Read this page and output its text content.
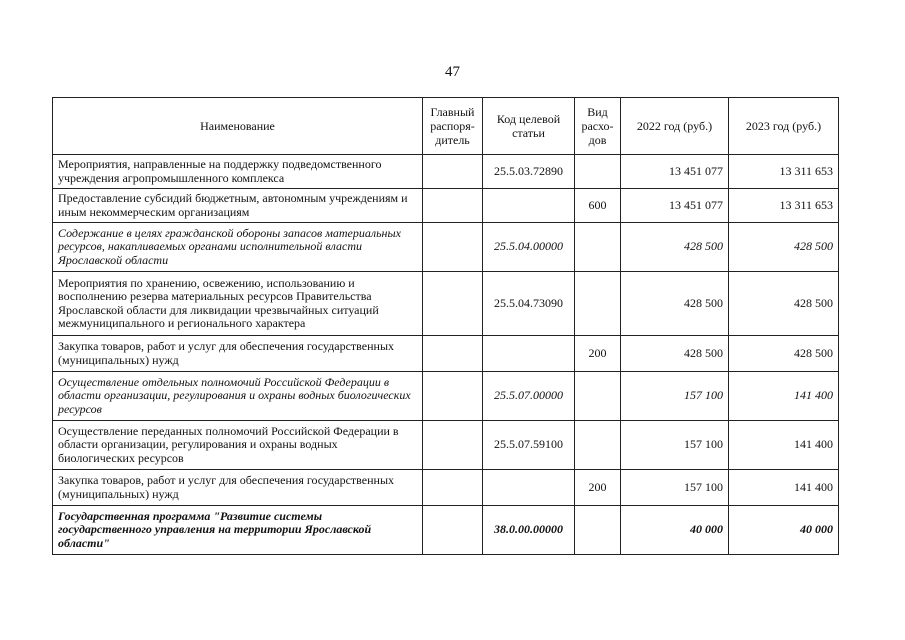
47
Наименование	Главный распоря-дитель	Код целевой статьи	Вид расхо-дов	2022 год (руб.)	2023 год (руб.)
Мероприятия, направленные на поддержку подведомственного учреждения агропромышленного комплекса		25.5.03.72890		13 451 077	13 311 653
Предоставление субсидий бюджетным, автономным учреждениям и иным некоммерческим организациям			600	13 451 077	13 311 653
Содержание в целях гражданской обороны запасов материальных ресурсов, накапливаемых органами исполнительной власти Ярославской области		25.5.04.00000		428 500	428 500
Мероприятия по хранению, освежению, использованию и восполнению резерва материальных ресурсов Правительства Ярославской области для ликвидации чрезвычайных ситуаций межмуниципального и регионального характера		25.5.04.73090		428 500	428 500
Закупка товаров, работ и услуг для обеспечения государственных (муниципальных) нужд			200	428 500	428 500
Осуществление отдельных полномочий Российской Федерации в области организации, регулирования и охраны водных биологических ресурсов		25.5.07.00000		157 100	141 400
Осуществление переданных полномочий Российской Федерации в области организации, регулирования и охраны водных биологических ресурсов		25.5.07.59100		157 100	141 400
Закупка товаров, работ и услуг для обеспечения государственных (муниципальных) нужд			200	157 100	141 400
Государственная программа "Развитие системы государственного управления на территории Ярославской области"		38.0.00.00000		40 000	40 000
